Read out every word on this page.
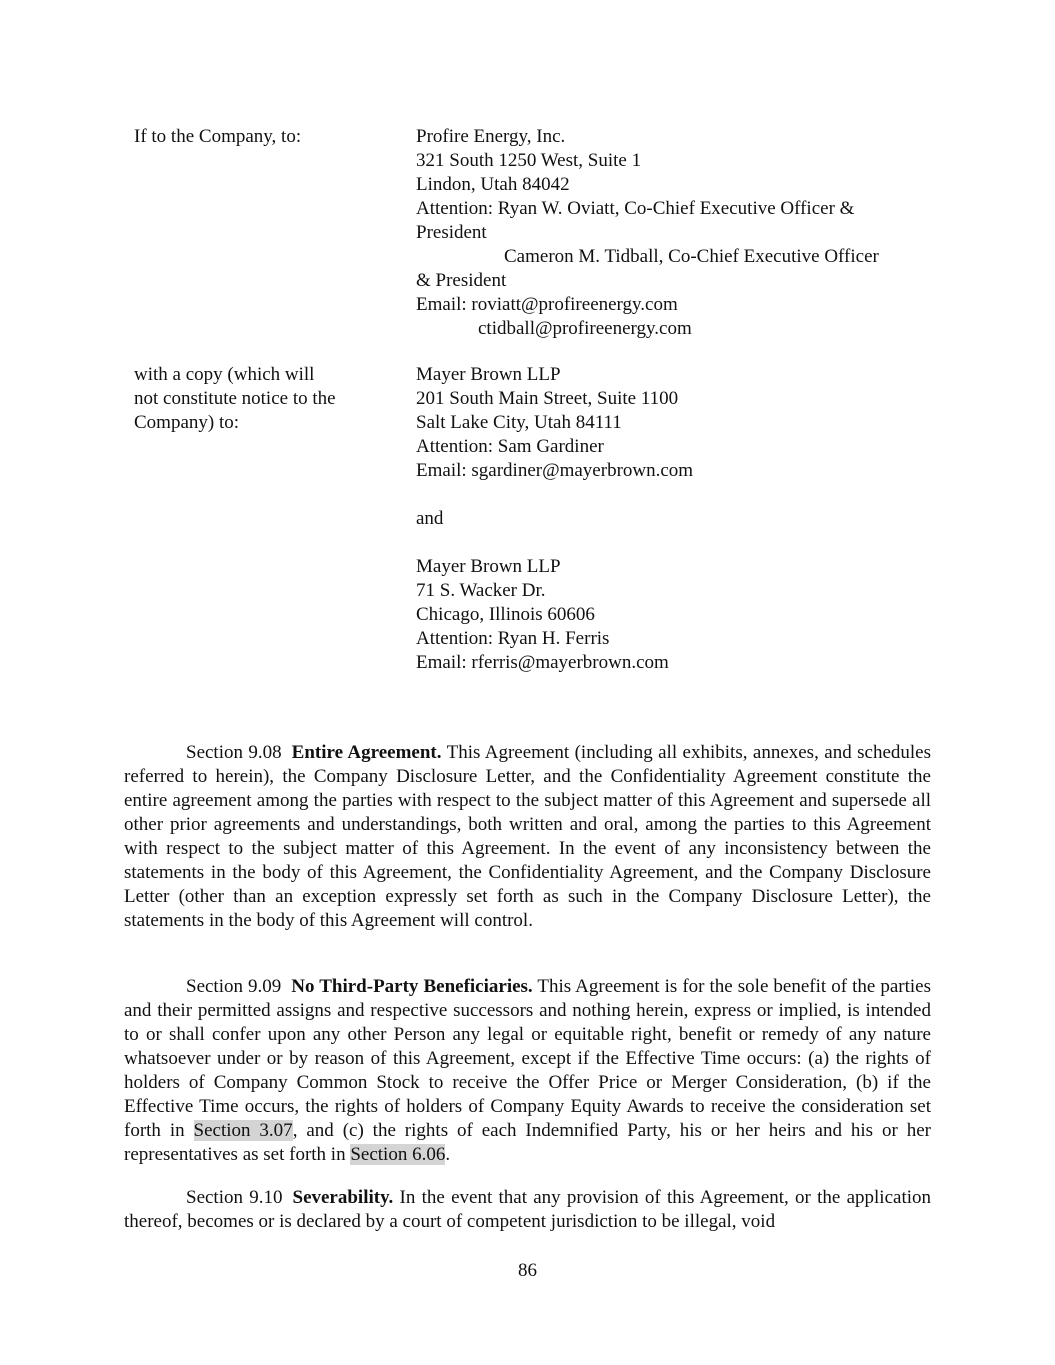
If to the Company, to:	Profire Energy, Inc.
321 South 1250 West, Suite 1
Lindon, Utah 84042
Attention: Ryan W. Oviatt, Co-Chief Executive Officer &
President
Cameron M. Tidball, Co-Chief Executive Officer
& President
Email: roviatt@profireenergy.com
ctidball@profireenergy.com
with a copy (which will
not constitute notice to the
Company) to:
Mayer Brown LLP
201 South Main Street, Suite 1100
Salt Lake City, Utah 84111
Attention: Sam Gardiner
Email: sgardiner@mayerbrown.com
and
Mayer Brown LLP
71 S. Wacker Dr.
Chicago, Illinois 60606
Attention: Ryan H. Ferris
Email: rferris@mayerbrown.com

Section 9.08 Entire Agreement. This Agreement (including all exhibits, annexes, and schedules referred to herein), the Company Disclosure Letter, and the Confidentiality Agreement constitute the entire agreement among the parties with respect to the subject matter of this Agreement and supersede all other prior agreements and understandings, both written and oral, among the parties to this Agreement with respect to the subject matter of this Agreement. In the event of any inconsistency between the statements in the body of this Agreement, the Confidentiality Agreement, and the Company Disclosure Letter (other than an exception expressly set forth as such in the Company Disclosure Letter), the statements in the body of this Agreement will control.

Section 9.09 No Third-Party Beneficiaries. This Agreement is for the sole benefit of the parties and their permitted assigns and respective successors and nothing herein, express or implied, is intended to or shall confer upon any other Person any legal or equitable right, benefit or remedy of any nature whatsoever under or by reason of this Agreement, except if the Effective Time occurs: (a) the rights of holders of Company Common Stock to receive the Offer Price or Merger Consideration, (b) if the Effective Time occurs, the rights of holders of Company Equity Awards to receive the consideration set forth in Section 3.07, and (c) the rights of each Indemnified Party, his or her heirs and his or her representatives as set forth in Section 6.06.

Section 9.10 Severability. In the event that any provision of this Agreement, or the application thereof, becomes or is declared by a court of competent jurisdiction to be illegal, void

86
